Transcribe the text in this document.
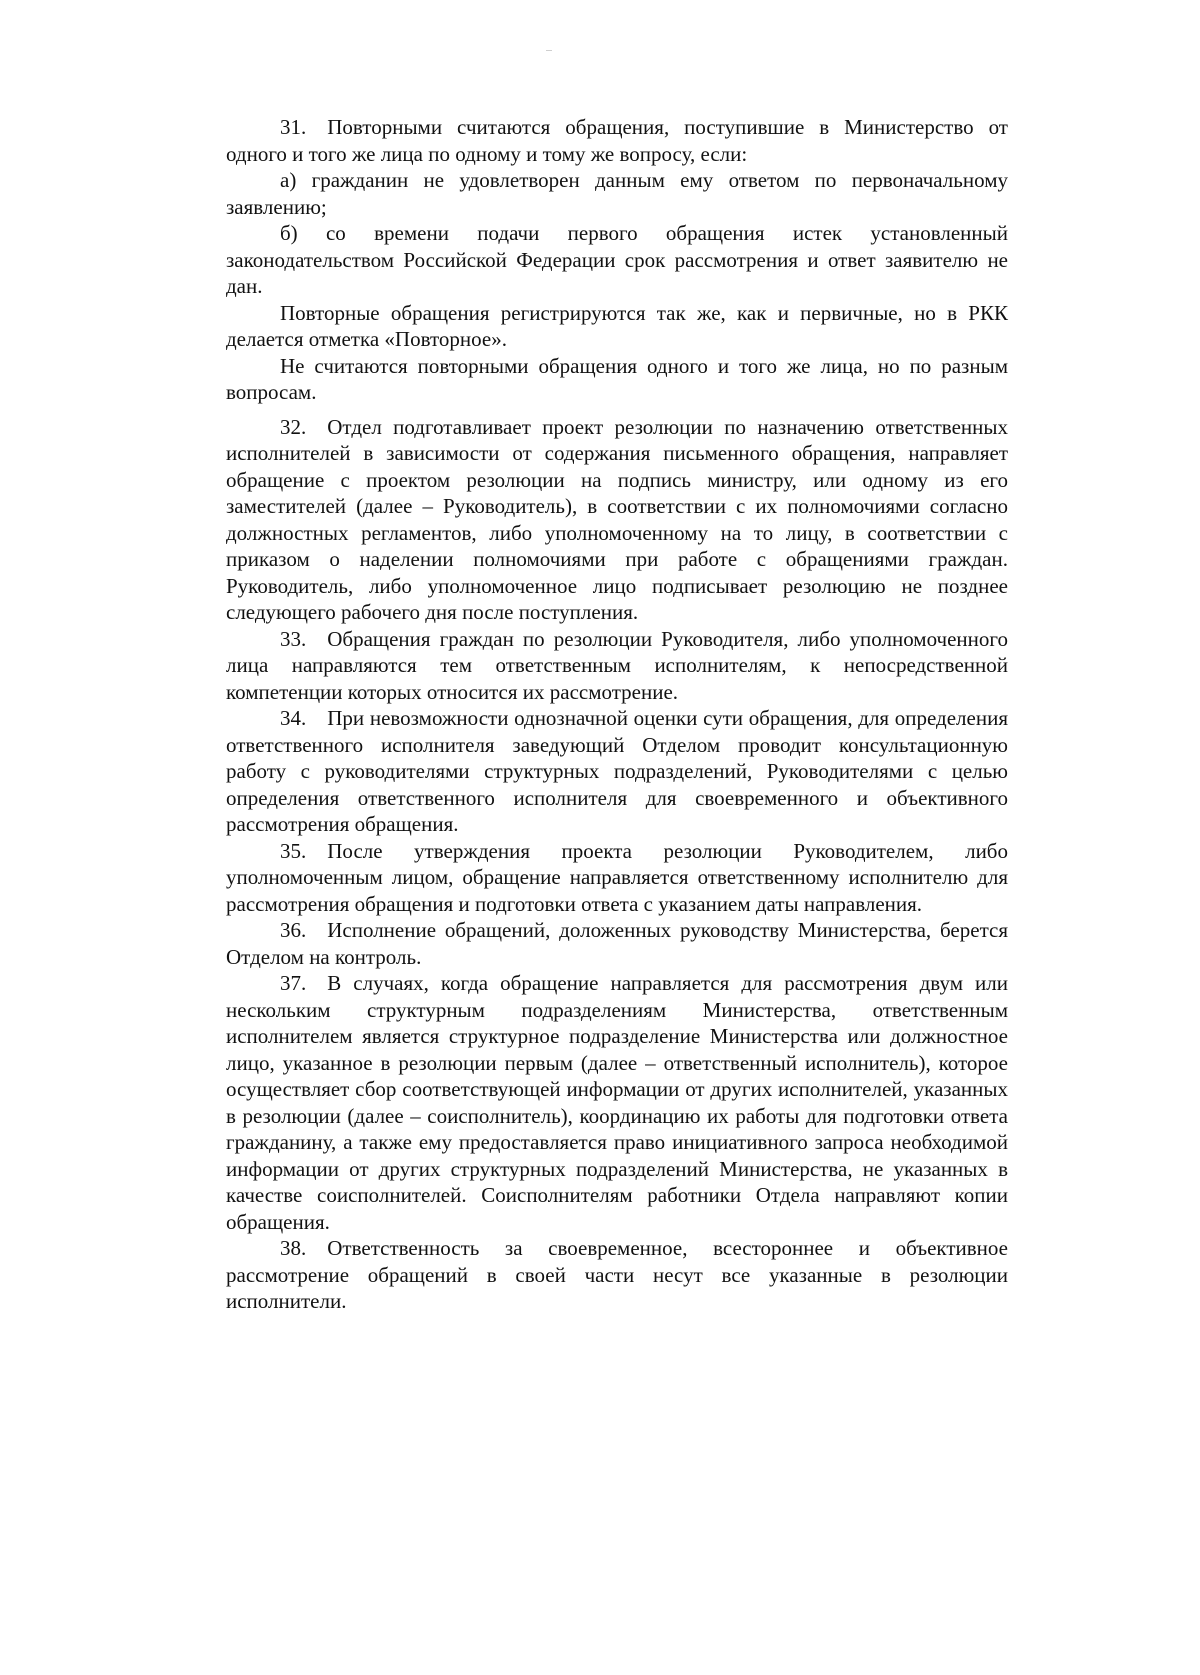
31. Повторными считаются обращения, поступившие в Министерство от одного и того же лица по одному и тому же вопросу, если:

а) гражданин не удовлетворен данным ему ответом по первоначальному заявлению;

б) со времени подачи первого обращения истек установленный законодательством Российской Федерации срок рассмотрения и ответ заявителю не дан.

Повторные обращения регистрируются так же, как и первичные, но в РКК делается отметка «Повторное».

Не считаются повторными обращения одного и того же лица, но по разным вопросам.

32. Отдел подготавливает проект резолюции по назначению ответственных исполнителей в зависимости от содержания письменного обращения, направляет обращение с проектом резолюции на подпись министру, или одному из его заместителей (далее – Руководитель), в соответствии с их полномочиями согласно должностных регламентов, либо уполномоченному на то лицу, в соответствии с приказом о наделении полномочиями при работе с обращениями граждан. Руководитель, либо уполномоченное лицо подписывает резолюцию не позднее следующего рабочего дня после поступления.

33. Обращения граждан по резолюции Руководителя, либо уполномоченного лица направляются тем ответственным исполнителям, к непосредственной компетенции которых относится их рассмотрение.

34. При невозможности однозначной оценки сути обращения, для определения ответственного исполнителя заведующий Отделом проводит консультационную работу с руководителями структурных подразделений, Руководителями с целью определения ответственного исполнителя для своевременного и объективного рассмотрения обращения.

35. После утверждения проекта резолюции Руководителем, либо уполномоченным лицом, обращение направляется ответственному исполнителю для рассмотрения обращения и подготовки ответа с указанием даты направления.

36. Исполнение обращений, доложенных руководству Министерства, берется Отделом на контроль.

37. В случаях, когда обращение направляется для рассмотрения двум или нескольким структурным подразделениям Министерства, ответственным исполнителем является структурное подразделение Министерства или должностное лицо, указанное в резолюции первым (далее – ответственный исполнитель), которое осуществляет сбор соответствующей информации от других исполнителей, указанных в резолюции (далее – соисполнитель), координацию их работы для подготовки ответа гражданину, а также ему предоставляется право инициативного запроса необходимой информации от других структурных подразделений Министерства, не указанных в качестве соисполнителей. Соисполнителям работники Отдела направляют копии обращения.

38. Ответственность за своевременное, всестороннее и объективное рассмотрение обращений в своей части несут все указанные в резолюции исполнители.
